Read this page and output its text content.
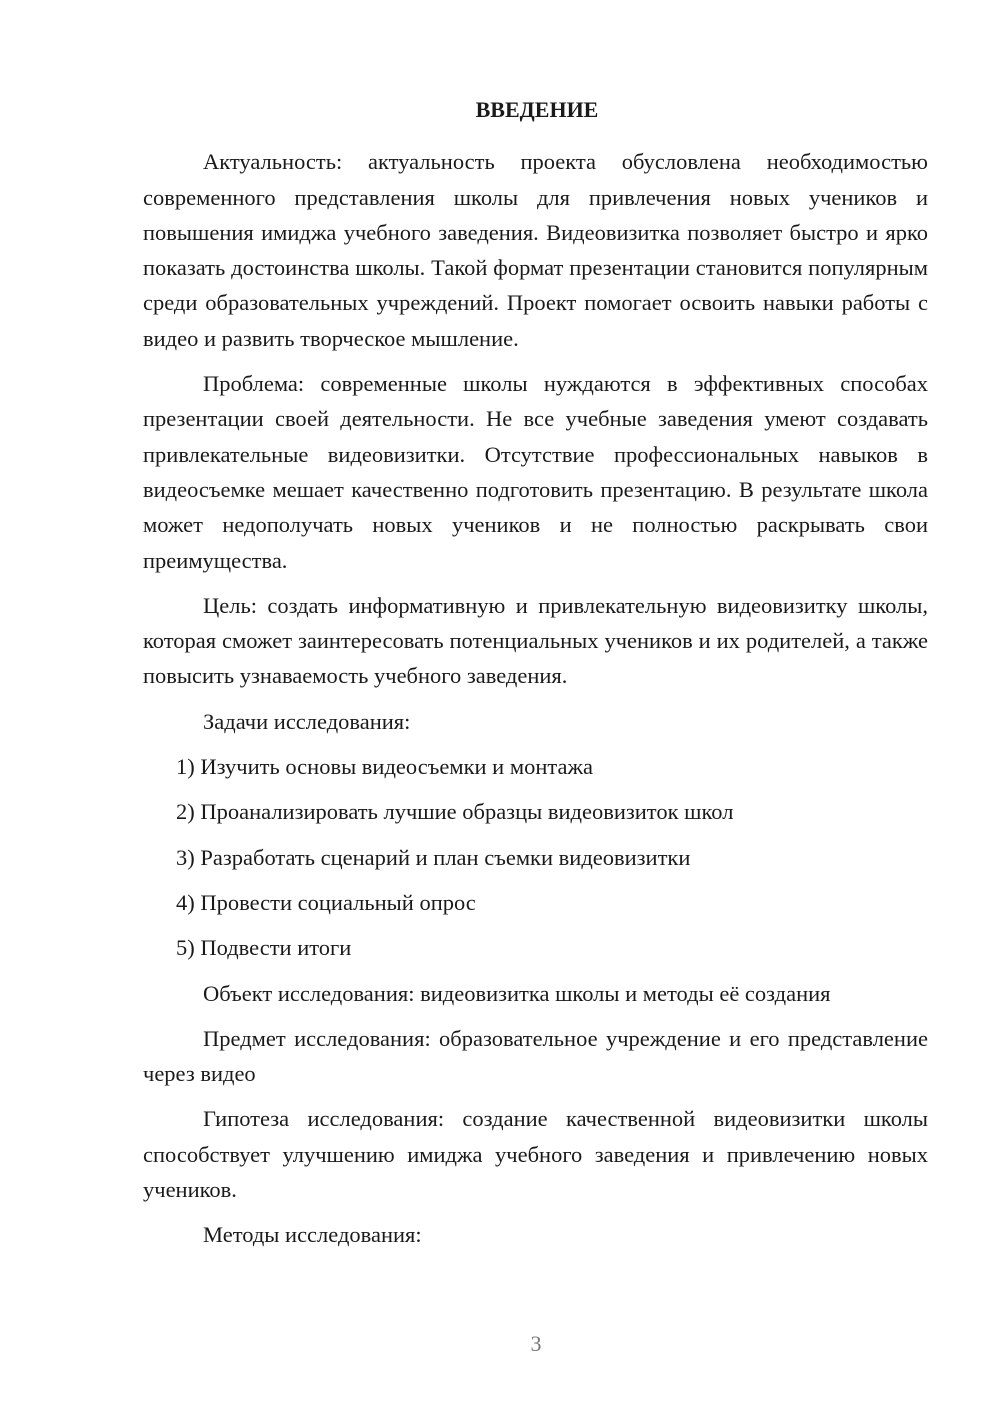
ВВЕДЕНИЕ

Актуальность: актуальность проекта обусловлена необходимостью современного представления школы для привлечения новых учеников и повышения имиджа учебного заведения. Видеовизитка позволяет быстро и ярко показать достоинства школы. Такой формат презентации становится популярным среди образовательных учреждений. Проект помогает освоить навыки работы с видео и развить творческое мышление.

Проблема: современные школы нуждаются в эффективных способах презентации своей деятельности. Не все учебные заведения умеют создавать привлекательные видеовизитки. Отсутствие профессиональных навыков в видеосъемке мешает качественно подготовить презентацию. В результате школа может недополучать новых учеников и не полностью раскрывать свои преимущества.

Цель: создать информативную и привлекательную видеовизитку школы, которая сможет заинтересовать потенциальных учеников и их родителей, а также повысить узнаваемость учебного заведения.

Задачи исследования:

1) Изучить основы видеосъемки и монтажа
2) Проанализировать лучшие образцы видеовизиток школ
3) Разработать сценарий и план съемки видеовизитки
4) Провести социальный опрос
5) Подвести итоги

Объект исследования: видеовизитка школы и методы её создания

Предмет исследования: образовательное учреждение и его представление через видео

Гипотеза исследования: создание качественной видеовизитки школы способствует улучшению имиджа учебного заведения и привлечению новых учеников.

Методы исследования:

3
